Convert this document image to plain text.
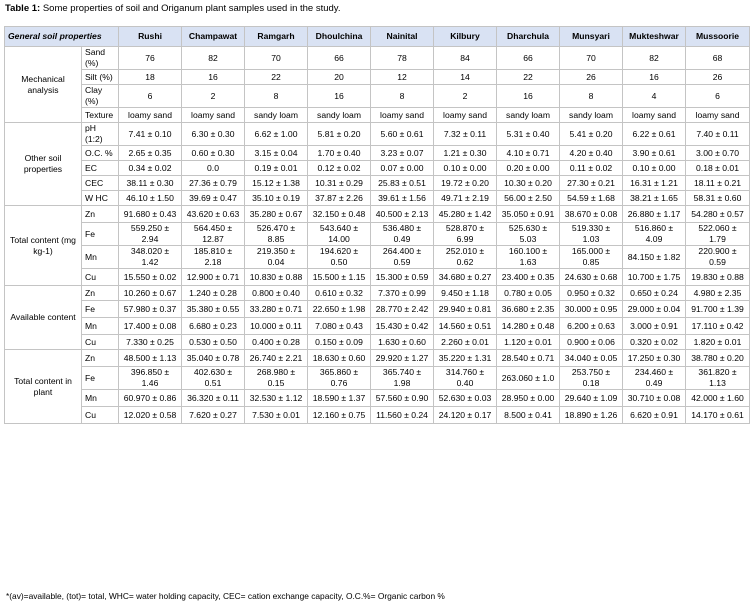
Table 1: Some properties of soil and Origanum plant samples used in the study.
General soil properties		Rushi	Champawat	Ramgarh	Dhoulchina	Nainital	Kilbury	Dharchula	Munsyari	Mukteshwar	Mussoorie
Mechanical analysis	Sand (%)	76	82	70	66	78	84	66	70	82	68
	Silt (%)	18	16	22	20	12	14	22	26	16	26
	Clay (%)	6	2	8	16	8	2	16	8	4	6
	Texture	loamy sand	loamy sand	sandy loam	sandy loam	loamy sand	loamy sand	sandy loam	sandy loam	loamy sand	loamy sand
Other soil properties	pH (1:2)	7.41 ± 0.10	6.30 ± 0.30	6.62 ± 1.00	5.81 ± 0.20	5.60 ± 0.61	7.32 ± 0.11	5.31 ± 0.40	5.41 ± 0.20	6.22 ± 0.61	7.40 ± 0.11
	O.C. %	2.65 ± 0.35	0.60 ± 0.30	3.15 ± 0.04	1.70 ± 0.40	3.23 ± 0.07	1.21 ± 0.30	4.10 ± 0.71	4.20 ± 0.40	3.90 ± 0.61	3.00 ± 0.70
	EC	0.34 ± 0.02	0.0	0.19 ± 0.01	0.12 ± 0.02	0.07 ± 0.00	0.10 ± 0.00	0.20 ± 0.00	0.11 ± 0.02	0.10 ± 0.00	0.18 ± 0.01
	CEC	38.11 ± 0.30	27.36 ± 0.79	15.12 ± 1.38	10.31 ± 0.29	25.83 ± 0.51	19.72 ± 0.20	10.30 ± 0.20	27.30 ± 0.21	16.31 ± 1.21	18.11 ± 0.21
	W HC	46.10 ± 1.50	39.69 ± 0.47	35.10 ± 0.19	37.87 ± 2.26	39.61 ± 1.56	49.71 ± 2.19	56.00 ± 2.50	54.59 ± 1.68	38.21 ± 1.65	58.31 ± 0.60
Total content (mg kg-1)	Zn	91.680 ± 0.43	43.620 ± 0.63	35.280 ± 0.67	32.150 ± 0.48	40.500 ± 2.13	45.280 ± 1.42	35.050 ± 0.91	38.670 ± 0.08	26.880 ± 1.17	54.280 ± 0.57
	Fe	559.250 ± 2.94	564.450 ± 12.87	526.470 ± 8.85	543.640 ± 14.00	536.480 ± 0.49	528.870 ± 6.99	525.630 ± 5.03	519.330 ± 1.03	516.860 ± 4.09	522.060 ± 1.79
	Mn	348.020 ± 1.42	185.810 ± 2.18	219.350 ± 0.04	194.620 ± 0.50	264.400 ± 0.59	252.010 ± 0.62	160.100 ± 1.63	165.000 ± 0.85	84.150 ± 1.82	220.900 ± 0.59
	Cu	15.550 ± 0.02	12.900 ± 0.71	10.830 ± 0.88	15.500 ± 1.15	15.300 ± 0.59	34.680 ± 0.27	23.400 ± 0.35	24.630 ± 0.68	10.700 ± 1.75	19.830 ± 0.88
Available content	Zn	10.260 ± 0.67	1.240 ± 0.28	0.800 ± 0.40	0.610 ± 0.32	7.370 ± 0.99	9.450 ± 1.18	0.780 ± 0.05	0.950 ± 0.32	0.650 ± 0.24	4.980 ± 2.35
	Fe	57.980 ± 0.37	35.380 ± 0.55	33.280 ± 0.71	22.650 ± 1.98	28.770 ± 2.42	29.940 ± 0.81	36.680 ± 2.35	30.000 ± 0.95	29.000 ± 0.04	91.700 ± 1.39
	Mn	17.400 ± 0.08	6.680 ± 0.23	10.000 ± 0.11	7.080 ± 0.43	15.430 ± 0.42	14.560 ± 0.51	14.280 ± 0.48	6.200 ± 0.63	3.000 ± 0.91	17.110 ± 0.42
	Cu	7.330 ± 0.25	0.530 ± 0.50	0.400 ± 0.28	0.150 ± 0.09	1.630 ± 0.60	2.260 ± 0.01	1.120 ± 0.01	0.900 ± 0.06	0.320 ± 0.02	1.820 ± 0.01
Total content in plant	Zn	48.500 ± 1.13	35.040 ± 0.78	26.740 ± 2.21	18.630 ± 0.60	29.920 ± 1.27	35.220 ± 1.31	28.540 ± 0.71	34.040 ± 0.05	17.250 ± 0.30	38.780 ± 0.20
	Fe	396.850 ± 1.46	402.630 ± 0.51	268.980 ± 0.15	365.860 ± 0.76	365.740 ± 1.98	314.760 ± 0.40	263.060 ± 1.0	253.750 ± 0.18	234.460 ± 0.49	361.820 ± 1.13
	Mn	60.970 ± 0.86	36.320 ± 0.11	32.530 ± 1.12	18.590 ± 1.37	57.560 ± 0.90	52.630 ± 0.03	28.950 ± 0.00	29.640 ± 1.09	30.710 ± 0.08	42.000 ± 1.60
	Cu	12.020 ± 0.58	7.620 ± 0.27	7.530 ± 0.01	12.160 ± 0.75	11.560 ± 0.24	24.120 ± 0.17	8.500 ± 0.41	18.890 ± 1.26	6.620 ± 0.91	14.170 ± 0.61
*(av)=available, (tot)= total, WHC= water holding capacity, CEC= cation exchange capacity, O.C.%= Organic carbon %
